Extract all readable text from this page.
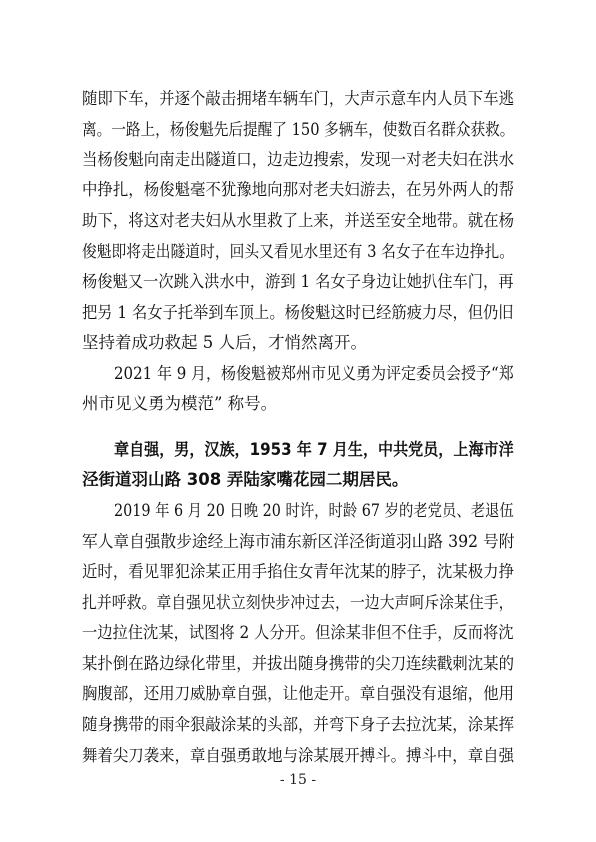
随即下车，并逐个敲击拥堵车辆车门，大声示意车内人员下车逃
离。一路上，杨俊魁先后提醒了 150 多辆车，使数百名群众获救。
当杨俊魁向南走出隧道口，边走边搜索，发现一对老夫妇在洪水
中挣扎，杨俊魁毫不犹豫地向那对老夫妇游去，在另外两人的帮
助下，将这对老夫妇从水里救了上来，并送至安全地带。就在杨
俊魁即将走出隧道时，回头又看见水里还有 3 名女子在车边挣扎。
杨俊魁又一次跳入洪水中，游到 1 名女子身边让她扒住车门，再
把另 1 名女子托举到车顶上。杨俊魁这时已经筋疲力尽，但仍旧
坚持着成功救起 5 人后，才悄然离开。
2021 年 9 月，杨俊魁被郑州市见义勇为评定委员会授予“郑
州市见义勇为模范” 称号。
章自强，男，汉族，1953 年 7 月生，中共党员，上海市洋
泾街道羽山路 308 弄陆家嘴花园二期居民。
2019 年 6 月 20 日晚 20 时许，时龄 67 岁的老党员、老退伍
军人章自强散步途经上海市浦东新区洋泾街道羽山路 392 号附
近时，看见罪犯涂某正用手掐住女青年沈某的脖子，沈某极力挣
扎并呼救。章自强见状立刻快步冲过去，一边大声呵斥涂某住手，
一边拉住沈某，试图将 2 人分开。但涂某非但不住手，反而将沈
某扑倒在路边绿化带里，并拔出随身携带的尖刀连续戳刺沈某的
胸腹部，还用刀威胁章自强，让他走开。章自强没有退缩，他用
随身携带的雨伞狠敲涂某的头部，并弯下身子去拉沈某，涂某挥
舞着尖刀袭来，章自强勇敢地与涂某展开搏斗。搏斗中，章自强
- 15 -
